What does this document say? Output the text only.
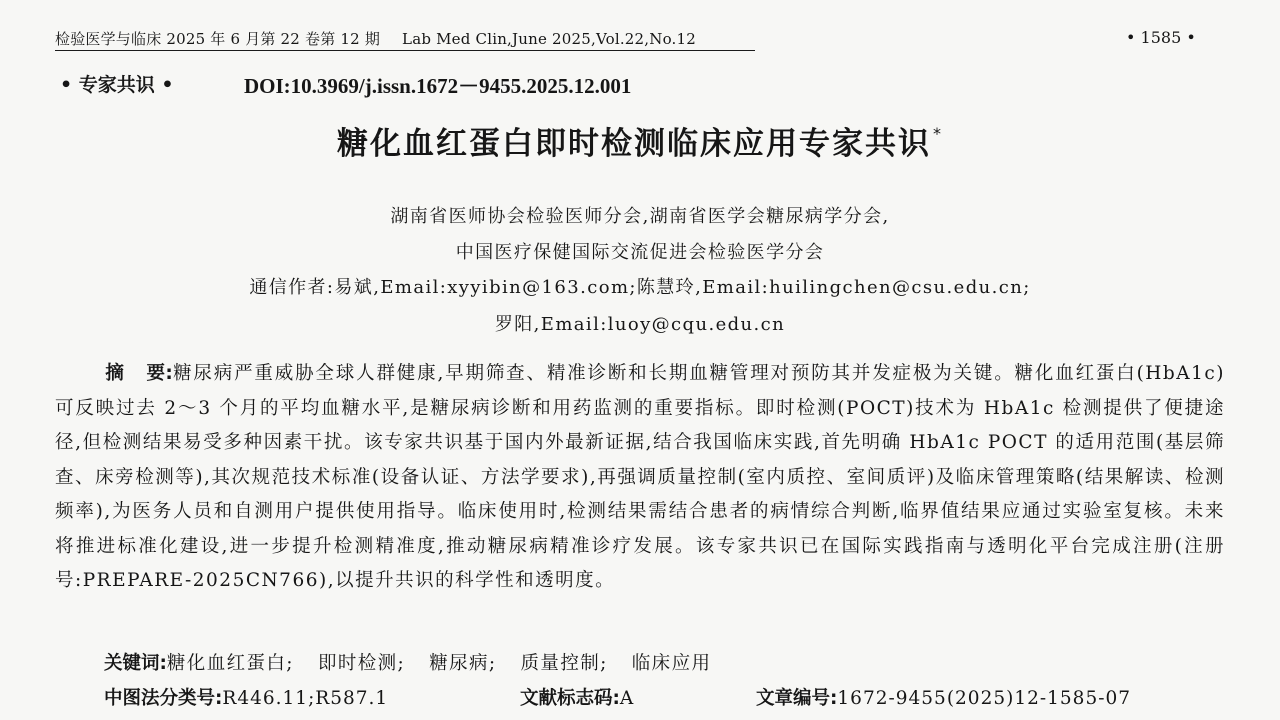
检验医学与临床 2025 年 6 月第 22 卷第 12 期 Lab Med Clin,June 2025,Vol.22,No.12	• 1585 •
• 专家共识 •	DOI:10.3969/j.issn.1672－9455.2025.12.001
糖化血红蛋白即时检测临床应用专家共识 *
湖南省医师协会检验医师分会,湖南省医学会糖尿病学分会,
中国医疗保健国际交流促进会检验医学分会
通信作者:易斌,Email:xyyibin@163.com;陈慧玲,Email:huilingchen@csu.edu.cn;
罗阳,Email:luoy@cqu.edu.cn
摘 要:糖尿病严重威胁全球人群健康,早期筛查、精准诊断和长期血糖管理对预防其并发症极为关键。糖化血红蛋白(HbA1c)可反映过去 2～3 个月的平均血糖水平,是糖尿病诊断和用药监测的重要指标。即时检测(POCT)技术为 HbA1c 检测提供了便捷途径,但检测结果易受多种因素干扰。该专家共识基于国内外最新证据,结合我国临床实践,首先明确 HbA1c POCT 的适用范围(基层筛查、床旁检测等),其次规范技术标准(设备认证、方法学要求),再强调质量控制(室内质控、室间质评)及临床管理策略(结果解读、检测频率),为医务人员和自测用户提供使用指导。临床使用时,检测结果需结合患者的病情综合判断,临界值结果应通过实验室复核。未来将推进标准化建设,进一步提升检测精准度,推动糖尿病精准诊疗发展。该专家共识已在国际实践指南与透明化平台完成注册(注册号:PREPARE-2025CN766),以提升共识的科学性和透明度。
关键词:糖化血红蛋白; 即时检测; 糖尿病; 质量控制; 临床应用
中图法分类号:R446.11;R587.1	文献标志码:A	文章编号:1672-9455(2025)12-1585-07
